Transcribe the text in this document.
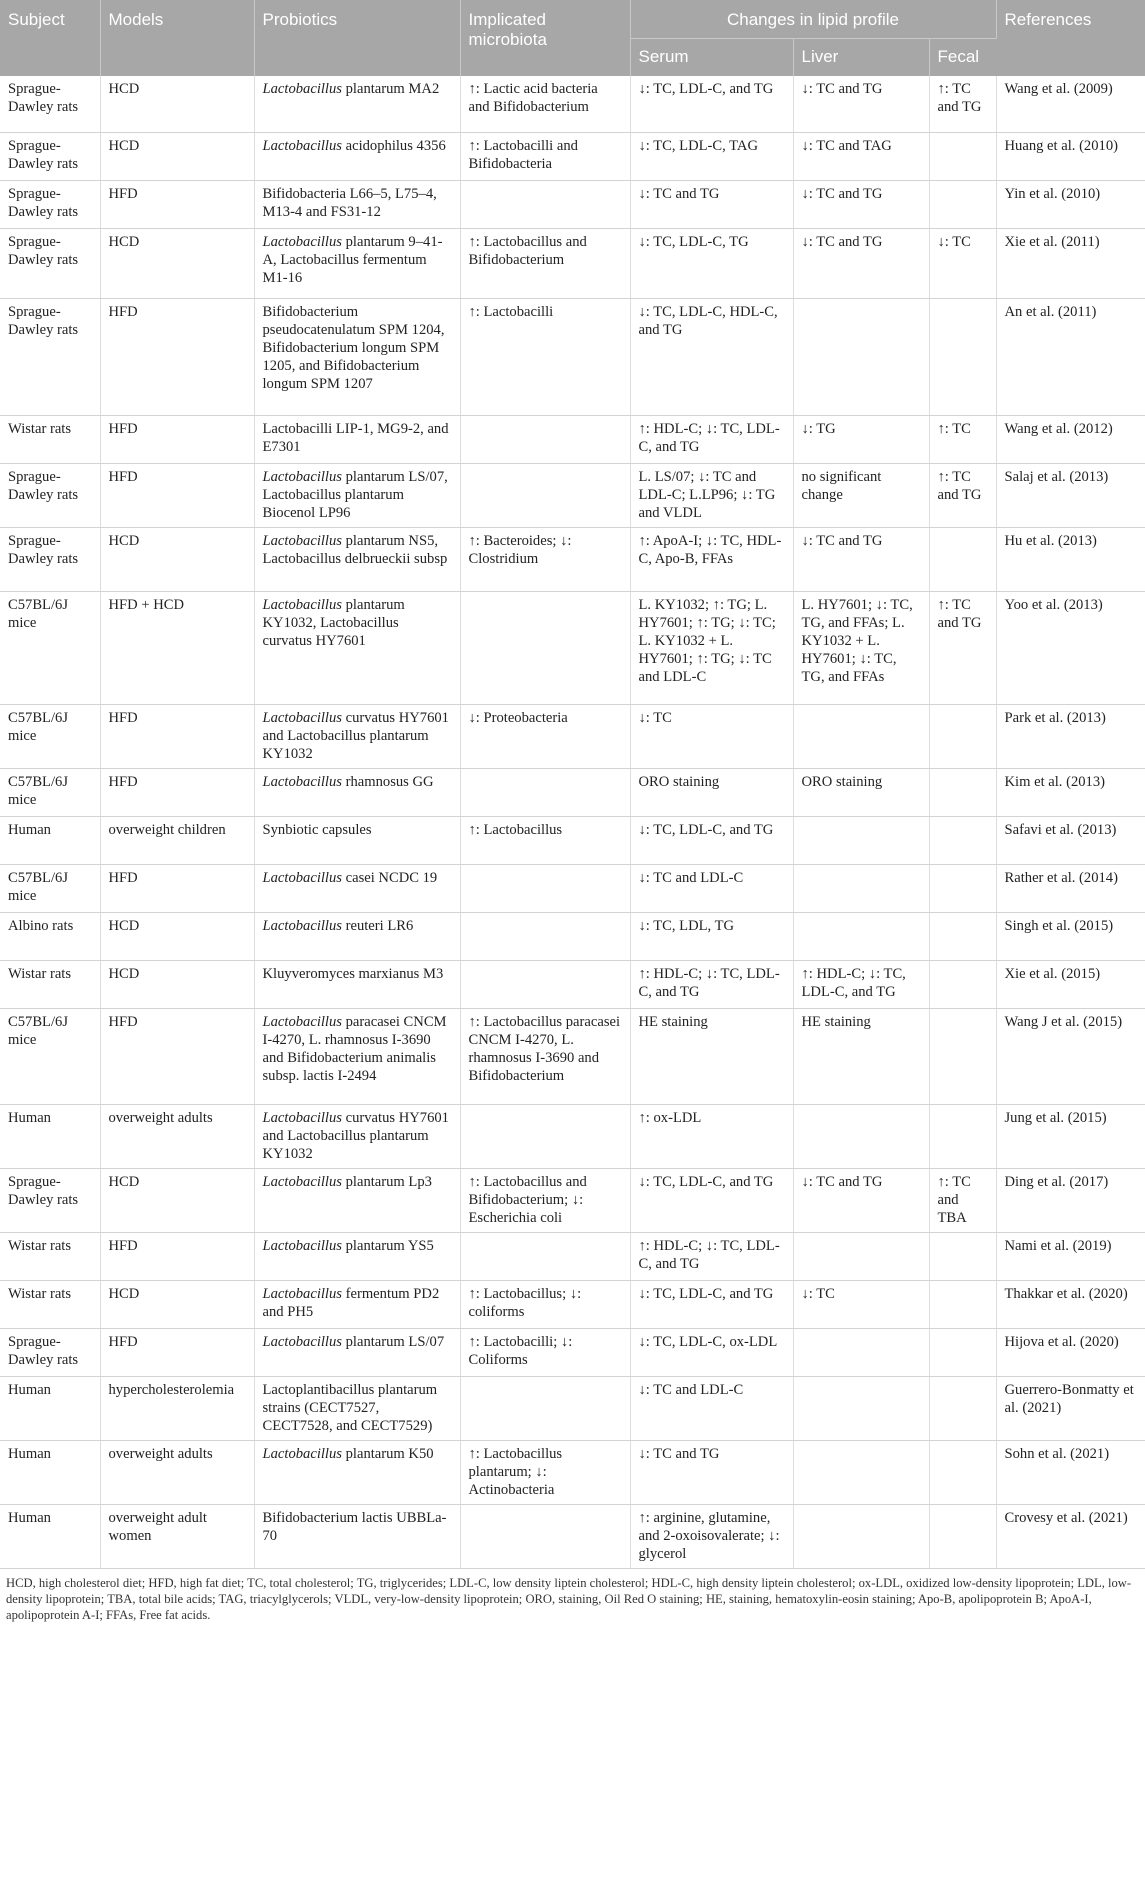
Subject	Models	Probiotics	Implicated microbiota	Changes in lipid profile			References
				Serum	Liver	Fecal	
Sprague-Dawley rats	HCD	Lactobacillus plantarum MA2	↑: Lactic acid bacteria and Bifidobacterium	↓: TC, LDL-C, and TG	↓: TC and TG	↑: TC and TG	Wang et al. (2009)
Sprague-Dawley rats	HCD	Lactobacillus acidophilus 4356	↑: Lactobacilli and Bifidobacteria	↓: TC, LDL-C, TAG	↓: TC and TAG		Huang et al. (2010)
Sprague-Dawley rats	HFD	Bifidobacteria L66–5, L75–4, M13-4 and FS31-12		↓: TC and TG	↓: TC and TG		Yin et al. (2010)
Sprague-Dawley rats	HCD	Lactobacillus plantarum 9–41-A, Lactobacillus fermentum M1-16	↑: Lactobacillus and Bifidobacterium	↓: TC, LDL-C, TG	↓: TC and TG	↓: TC	Xie et al. (2011)
Sprague-Dawley rats	HFD	Bifidobacterium pseudocatenulatum SPM 1204, Bifidobacterium longum SPM 1205, and Bifidobacterium longum SPM 1207	↑: Lactobacilli	↓: TC, LDL-C, HDL-C, and TG			An et al. (2011)
Wistar rats	HFD	Lactobacilli LIP-1, MG9-2, and E7301		↑: HDL-C; ↓: TC, LDL-C, and TG	↓: TG	↑: TC	Wang et al. (2012)
Sprague-Dawley rats	HFD	Lactobacillus plantarum LS/07, Lactobacillus plantarum Biocenol LP96		L. LS/07; ↓: TC and LDL-C; L.LP96; ↓: TG and VLDL	no significant change	↑: TC and TG	Salaj et al. (2013)
Sprague-Dawley rats	HCD	Lactobacillus plantarum NS5, Lactobacillus delbrueckii subsp	↑: Bacteroides; ↓: Clostridium	↑: ApoA-I; ↓: TC, HDL-C, Apo-B, FFAs	↓: TC and TG		Hu et al. (2013)
C57BL/6J mice	HFD + HCD	Lactobacillus plantarum KY1032, Lactobacillus curvatus HY7601		L. KY1032; ↑: TG; L. HY7601; ↑: TG; ↓: TC; L. KY1032 + L. HY7601; ↑: TG; ↓: TC and LDL-C	L. HY7601; ↓: TC, TG, and FFAs; L. KY1032 + L. HY7601; ↓: TC, TG, and FFAs	↑: TC and TG	Yoo et al. (2013)
C57BL/6J mice	HFD	Lactobacillus curvatus HY7601 and Lactobacillus plantarum KY1032	↓: Proteobacteria	↓: TC			Park et al. (2013)
C57BL/6J mice	HFD	Lactobacillus rhamnosus GG		ORO staining	ORO staining		Kim et al. (2013)
Human	overweight children	Synbiotic capsules	↑: Lactobacillus	↓: TC, LDL-C, and TG			Safavi et al. (2013)
C57BL/6J mice	HFD	Lactobacillus casei NCDC 19		↓: TC and LDL-C			Rather et al. (2014)
Albino rats	HCD	Lactobacillus reuteri LR6		↓: TC, LDL, TG			Singh et al. (2015)
Wistar rats	HCD	Kluyveromyces marxianus M3		↑: HDL-C; ↓: TC, LDL-C, and TG	↑: HDL-C; ↓: TC, LDL-C, and TG		Xie et al. (2015)
C57BL/6J mice	HFD	Lactobacillus paracasei CNCM I-4270, L. rhamnosus I-3690 and Bifidobacterium animalis subsp. lactis I-2494	↑: Lactobacillus paracasei CNCM I-4270, L. rhamnosus I-3690 and Bifidobacterium	HE staining	HE staining		Wang J et al. (2015)
Human	overweight adults	Lactobacillus curvatus HY7601 and Lactobacillus plantarum KY1032		↑: ox-LDL			Jung et al. (2015)
Sprague-Dawley rats	HCD	Lactobacillus plantarum Lp3	↑: Lactobacillus and Bifidobacterium; ↓: Escherichia coli	↓: TC, LDL-C, and TG	↓: TC and TG	↑: TC and TBA	Ding et al. (2017)
Wistar rats	HFD	Lactobacillus plantarum YS5		↑: HDL-C; ↓: TC, LDL-C, and TG			Nami et al. (2019)
Wistar rats	HCD	Lactobacillus fermentum PD2 and PH5	↑: Lactobacillus; ↓: coliforms	↓: TC, LDL-C, and TG	↓: TC		Thakkar et al. (2020)
Sprague-Dawley rats	HFD	Lactobacillus plantarum LS/07	↑: Lactobacilli; ↓: Coliforms	↓: TC, LDL-C, ox-LDL			Hijova et al. (2020)
Human	hypercholesterolemia	Lactoplantibacillus plantarum strains (CECT7527, CECT7528, and CECT7529)		↓: TC and LDL-C			Guerrero-Bonmatty et al. (2021)
Human	overweight adults	Lactobacillus plantarum K50	↑: Lactobacillus plantarum; ↓: Actinobacteria	↓: TC and TG			Sohn et al. (2021)
Human	overweight adult women	Bifidobacterium lactis UBBLa-70		↑: arginine, glutamine, and 2-oxoisovalerate; ↓: glycerol			Crovesy et al. (2021)
HCD, high cholesterol diet; HFD, high fat diet; TC, total cholesterol; TG, triglycerides; LDL-C, low density liptein cholesterol; HDL-C, high density liptein cholesterol; ox-LDL, oxidized low-density lipoprotein; LDL, low-density lipoprotein; TBA, total bile acids; TAG, triacylglycerols; VLDL, very-low-density lipoprotein; ORO, staining, Oil Red O staining; HE, staining, hematoxylin-eosin staining; Apo-B, apolipoprotein B; ApoA-I, apolipoprotein A-I; FFAs, Free fat acids.
